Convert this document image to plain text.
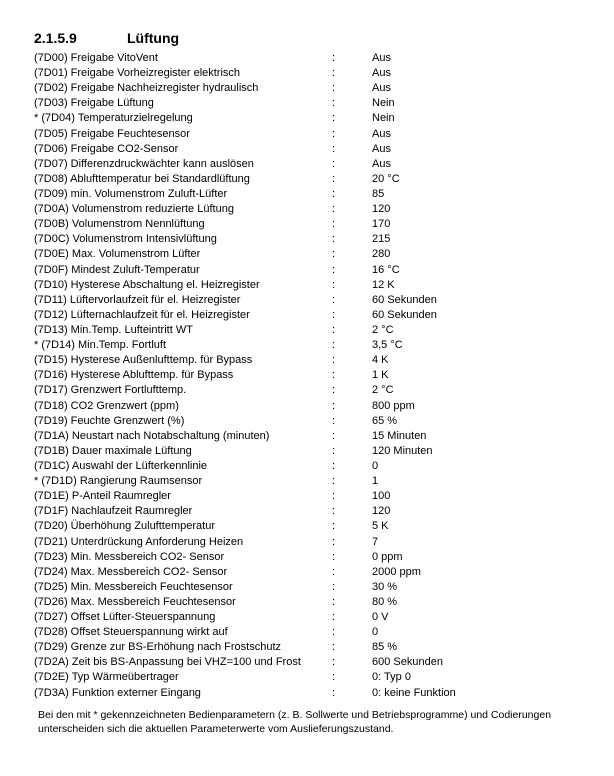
2.1.5.9	Lüftung
(7D00) Freigabe VitoVent	:	Aus
(7D01) Freigabe Vorheizregister elektrisch	:	Aus
(7D02) Freigabe Nachheizregister hydraulisch	:	Aus
(7D03) Freigabe Lüftung	:	Nein
* (7D04) Temperaturzielregelung	:	Nein
(7D05) Freigabe Feuchtesensor	:	Aus
(7D06) Freigabe CO2-Sensor	:	Aus
(7D07) Differenzdruckwächter kann auslösen	:	Aus
(7D08) Ablufttemperatur bei Standardlüftung	:	20 °C
(7D09) min. Volumenstrom Zuluft-Lüfter	:	85
(7D0A) Volumenstrom reduzierte Lüftung	:	120
(7D0B) Volumenstrom Nennlüftung	:	170
(7D0C) Volumenstrom Intensivlüftung	:	215
(7D0E) Max. Volumenstrom Lüfter	:	280
(7D0F) Mindest Zuluft-Temperatur	:	16 °C
(7D10) Hysterese Abschaltung el. Heizregister	:	12 K
(7D11) Lüftervorlaufzeit für el. Heizregister	:	60 Sekunden
(7D12) Lüfternachlaufzeit für el. Heizregister	:	60 Sekunden
(7D13) Min.Temp. Lufteintritt WT	:	2 °C
* (7D14) Min.Temp. Fortluft	:	3,5 °C
(7D15) Hysterese Außenlufttemp. für Bypass	:	4 K
(7D16) Hysterese Ablufttemp. für Bypass	:	1 K
(7D17) Grenzwert Fortlufttemp.	:	2 °C
(7D18) CO2 Grenzwert (ppm)	:	800 ppm
(7D19) Feuchte Grenzwert (%)	:	65 %
(7D1A) Neustart nach Notabschaltung (minuten)	:	15 Minuten
(7D1B) Dauer maximale Lüftung	:	120 Minuten
(7D1C) Auswahl der Lüfterkennlinie	:	0
* (7D1D) Rangierung Raumsensor	:	1
(7D1E) P-Anteil Raumregler	:	100
(7D1F) Nachlaufzeit Raumregler	:	120
(7D20) Überhöhung Zulufttemperatur	:	5 K
(7D21) Unterdrückung Anforderung Heizen	:	7
(7D23) Min. Messbereich CO2- Sensor	:	0 ppm
(7D24) Max. Messbereich CO2- Sensor	:	2000 ppm
(7D25) Min. Messbereich Feuchtesensor	:	30 %
(7D26) Max. Messbereich Feuchtesensor	:	80 %
(7D27) Offset Lüfter-Steuerspannung	:	0 V
(7D28) Offset Steuerspannung wirkt auf	:	0
(7D29) Grenze zur BS-Erhöhung nach Frostschutz	:	85 %
(7D2A) Zeit bis BS-Anpassung bei VHZ=100 und Frost	:	600 Sekunden
(7D2E) Typ Wärmeübertrager	:	0: Typ 0
(7D3A) Funktion externer Eingang	:	0: keine Funktion
Bei den mit * gekennzeichneten Bedienparametern (z. B. Sollwerte und Betriebsprogramme) und Codierungen unterscheiden sich die aktuellen Parameterwerte vom Auslieferungszustand.
